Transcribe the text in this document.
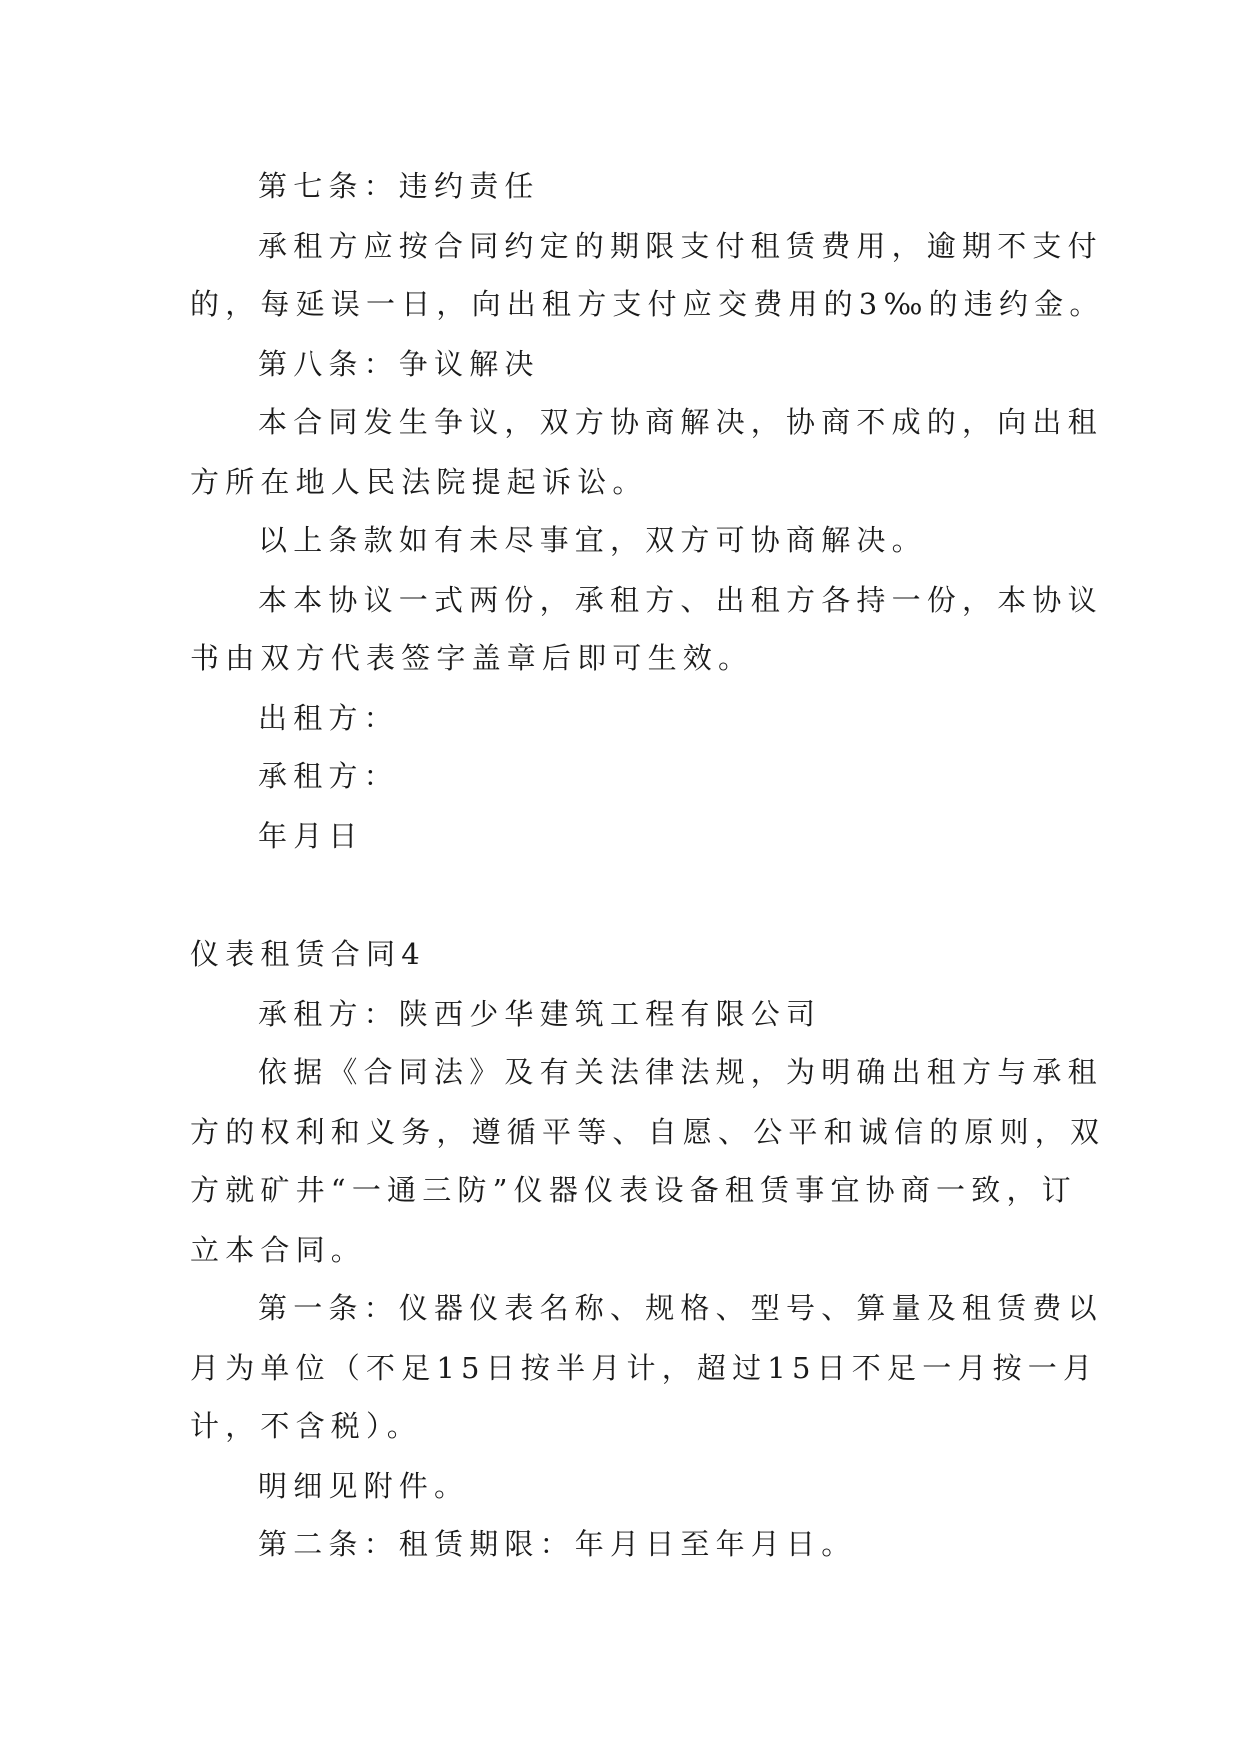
第七条：违约责任
承租方应按合同约定的期限支付租赁费用，逾期不支付
的，每延误一日，向出租方支付应交费用的3‰的违约金。
第八条：争议解决
本合同发生争议，双方协商解决，协商不成的，向出租
方所在地人民法院提起诉讼。
以上条款如有未尽事宜，双方可协商解决。
本本协议一式两份，承租方、出租方各持一份，本协议
书由双方代表签字盖章后即可生效。
出租方：
承租方：
年月日
仪表租赁合同4
承租方：陕西少华建筑工程有限公司
依据《合同法》及有关法律法规，为明确出租方与承租
方的权利和义务，遵循平等、自愿、公平和诚信的原则，双
方就矿井“一通三防”仪器仪表设备租赁事宜协商一致，订
立本合同。
第一条：仪器仪表名称、规格、型号、算量及租赁费以
月为单位（不足15日按半月计，超过15日不足一月按一月
计，不含税）。
明细见附件。
第二条：租赁期限：年月日至年月日。
